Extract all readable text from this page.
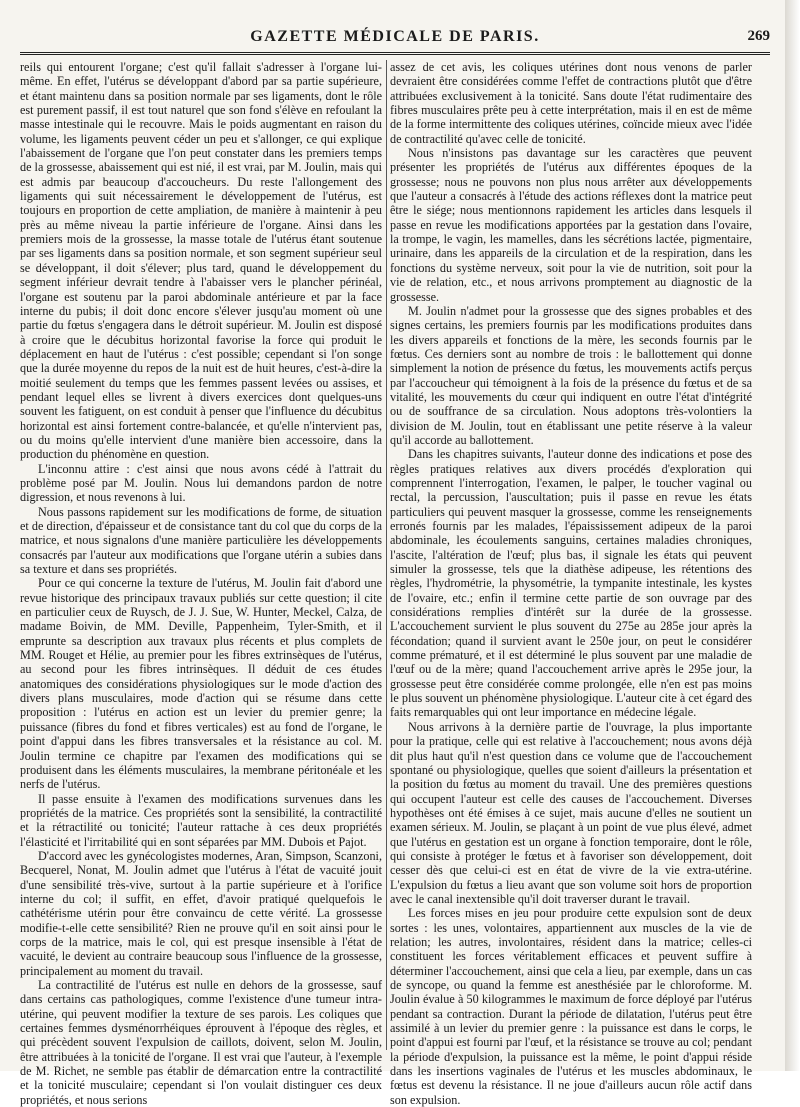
GAZETTE MÉDICALE DE PARIS.	269

reils qui entourent l'organe; c'est qu'il fallait s'adresser à l'organe lui-même. En effet, l'utérus se développant d'abord par sa partie supérieure, et étant maintenu dans sa position normale par ses ligaments, dont le rôle est purement passif, il est tout naturel que son fond s'élève en refoulant la masse intestinale qui le recouvre. Mais le poids augmentant en raison du volume, les ligaments peuvent céder un peu et s'allonger, ce qui explique l'abaissement de l'organe que l'on peut constater dans les premiers temps de la grossesse, abaissement qui est nié, il est vrai, par M. Joulin, mais qui est admis par beaucoup d'accoucheurs. Du reste l'allongement des ligaments qui suit nécessairement le développement de l'utérus, est toujours en proportion de cette ampliation, de manière à maintenir à peu près au même niveau la partie inférieure de l'organe. Ainsi dans les premiers mois de la grossesse, la masse totale de l'utérus étant soutenue par ses ligaments dans sa position normale, et son segment supérieur seul se développant, il doit s'élever; plus tard, quand le développement du segment inférieur devrait tendre à l'abaisser vers le plancher périnéal, l'organe est soutenu par la paroi abdominale antérieure et par la face interne du pubis; il doit donc encore s'élever jusqu'au moment où une partie du fœtus s'engagera dans le détroit supérieur. M. Joulin est disposé à croire que le décubitus horizontal favorise la force qui produit le déplacement en haut de l'utérus : c'est possible; cependant si l'on songe que la durée moyenne du repos de la nuit est de huit heures, c'est-à-dire la moitié seulement du temps que les femmes passent levées ou assises, et pendant lequel elles se livrent à divers exercices dont quelques-uns souvent les fatiguent, on est conduit à penser que l'influence du décubitus horizontal est ainsi fortement contre-balancée, et qu'elle n'intervient pas, ou du moins qu'elle intervient d'une manière bien accessoire, dans la production du phénomène en question.

L'inconnu attire : c'est ainsi que nous avons cédé à l'attrait du problème posé par M. Joulin. Nous lui demandons pardon de notre digression, et nous revenons à lui.

Nous passons rapidement sur les modifications de forme, de situation et de direction, d'épaisseur et de consistance tant du col que du corps de la matrice, et nous signalons d'une manière particulière les développements consacrés par l'auteur aux modifications que l'organe utérin a subies dans sa texture et dans ses propriétés.

Pour ce qui concerne la texture de l'utérus, M. Joulin fait d'abord une revue historique des principaux travaux publiés sur cette question; il cite en particulier ceux de Ruysch, de J. J. Sue, W. Hunter, Meckel, Calza, de madame Boivin, de MM. Deville, Pappenheim, Tyler-Smith, et il emprunte sa description aux travaux plus récents et plus complets de MM. Rouget et Hélie, au premier pour les fibres extrinsèques de l'utérus, au second pour les fibres intrinsèques. Il déduit de ces études anatomiques des considérations physiologiques sur le mode d'action des divers plans musculaires, mode d'action qui se résume dans cette proposition : l'utérus en action est un levier du premier genre; la puissance (fibres du fond et fibres verticales) est au fond de l'organe, le point d'appui dans les fibres transversales et la résistance au col. M. Joulin termine ce chapitre par l'examen des modifications qui se produisent dans les éléments musculaires, la membrane péritonéale et les nerfs de l'utérus.

Il passe ensuite à l'examen des modifications survenues dans les propriétés de la matrice. Ces propriétés sont la sensibilité, la contractilité et la rétractilité ou tonicité; l'auteur rattache à ces deux propriétés l'élasticité et l'irritabilité qui en sont séparées par MM. Dubois et Pajot.

D'accord avec les gynécologistes modernes, Aran, Simpson, Scanzoni, Becquerel, Nonat, M. Joulin admet que l'utérus à l'état de vacuité jouit d'une sensibilité très-vive, surtout à la partie supérieure et à l'orifice interne du col; il suffit, en effet, d'avoir pratiqué quelquefois le cathétérisme utérin pour être convaincu de cette vérité. La grossesse modifie-t-elle cette sensibilité? Rien ne prouve qu'il en soit ainsi pour le corps de la matrice, mais le col, qui est presque insensible à l'état de vacuité, le devient au contraire beaucoup sous l'influence de la grossesse, principalement au moment du travail.

La contractilité de l'utérus est nulle en dehors de la grossesse, sauf dans certains cas pathologiques, comme l'existence d'une tumeur intra-utérine, qui peuvent modifier la texture de ses parois. Les coliques que certaines femmes dysménorrhéiques éprouvent à l'époque des règles, et qui précèdent souvent l'expulsion de caillots, doivent, selon M. Joulin, être attribuées à la tonicité de l'organe. Il est vrai que l'auteur, à l'exemple de M. Richet, ne semble pas établir de démarcation entre la contractilité et la tonicité musculaire; cependant si l'on voulait distinguer ces deux propriétés, et nous serions

assez de cet avis, les coliques utérines dont nous venons de parler devraient être considérées comme l'effet de contractions plutôt que d'être attribuées exclusivement à la tonicité. Sans doute l'état rudimentaire des fibres musculaires prête peu à cette interprétation, mais il en est de même de la forme intermittente des coliques utérines, coïncide mieux avec l'idée de contractilité qu'avec celle de tonicité.

Nous n'insistons pas davantage sur les caractères que peuvent présenter les propriétés de l'utérus aux différentes époques de la grossesse; nous ne pouvons non plus nous arrêter aux développements que l'auteur a consacrés à l'étude des actions réflexes dont la matrice peut être le siége; nous mentionnons rapidement les articles dans lesquels il passe en revue les modifications apportées par la gestation dans l'ovaire, la trompe, le vagin, les mamelles, dans les sécrétions lactée, pigmentaire, urinaire, dans les appareils de la circulation et de la respiration, dans les fonctions du système nerveux, soit pour la vie de nutrition, soit pour la vie de relation, etc., et nous arrivons promptement au diagnostic de la grossesse.

M. Joulin n'admet pour la grossesse que des signes probables et des signes certains, les premiers fournis par les modifications produites dans les divers appareils et fonctions de la mère, les seconds fournis par le fœtus. Ces derniers sont au nombre de trois : le ballottement qui donne simplement la notion de présence du fœtus, les mouvements actifs perçus par l'accoucheur qui témoignent à la fois de la présence du fœtus et de sa vitalité, les mouvements du cœur qui indiquent en outre l'état d'intégrité ou de souffrance de sa circulation. Nous adoptons très-volontiers la division de M. Joulin, tout en établissant une petite réserve à la valeur qu'il accorde au ballottement.

Dans les chapitres suivants, l'auteur donne des indications et pose des règles pratiques relatives aux divers procédés d'exploration qui comprennent l'interrogation, l'examen, le palper, le toucher vaginal ou rectal, la percussion, l'auscultation; puis il passe en revue les états particuliers qui peuvent masquer la grossesse, comme les renseignements erronés fournis par les malades, l'épaississement adipeux de la paroi abdominale, les écoulements sanguins, certaines maladies chroniques, l'ascite, l'altération de l'œuf; plus bas, il signale les états qui peuvent simuler la grossesse, tels que la diathèse adipeuse, les rétentions des règles, l'hydrométrie, la physométrie, la tympanite intestinale, les kystes de l'ovaire, etc.; enfin il termine cette partie de son ouvrage par des considérations remplies d'intérêt sur la durée de la grossesse. L'accouchement survient le plus souvent du 275e au 285e jour après la fécondation; quand il survient avant le 250e jour, on peut le considérer comme prématuré, et il est déterminé le plus souvent par une maladie de l'œuf ou de la mère; quand l'accouchement arrive après le 295e jour, la grossesse peut être considérée comme prolongée, elle n'en est pas moins le plus souvent un phénomène physiologique. L'auteur cite à cet égard des faits remarquables qui ont leur importance en médecine légale.

Nous arrivons à la dernière partie de l'ouvrage, la plus importante pour la pratique, celle qui est relative à l'accouchement; nous avons déjà dit plus haut qu'il n'est question dans ce volume que de l'accouchement spontané ou physiologique, quelles que soient d'ailleurs la présentation et la position du fœtus au moment du travail. Une des premières questions qui occupent l'auteur est celle des causes de l'accouchement. Diverses hypothèses ont été émises à ce sujet, mais aucune d'elles ne soutient un examen sérieux. M. Joulin, se plaçant à un point de vue plus élevé, admet que l'utérus en gestation est un organe à fonction temporaire, dont le rôle, qui consiste à protéger le fœtus et à favoriser son développement, doit cesser dès que celui-ci est en état de vivre de la vie extra-utérine. L'expulsion du fœtus a lieu avant que son volume soit hors de proportion avec le canal inextensible qu'il doit traverser durant le travail.

Les forces mises en jeu pour produire cette expulsion sont de deux sortes : les unes, volontaires, appartiennent aux muscles de la vie de relation; les autres, involontaires, résident dans la matrice; celles-ci constituent les forces véritablement efficaces et peuvent suffire à déterminer l'accouchement, ainsi que cela a lieu, par exemple, dans un cas de syncope, ou quand la femme est anesthésiée par le chloroforme. M. Joulin évalue à 50 kilogrammes le maximum de force déployé par l'utérus pendant sa contraction. Durant la période de dilatation, l'utérus peut être assimilé à un levier du premier genre : la puissance est dans le corps, le point d'appui est fourni par l'œuf, et la résistance se trouve au col; pendant la période d'expulsion, la puissance est la même, le point d'appui réside dans les insertions vaginales de l'utérus et les muscles abdominaux, le fœtus est devenu la résistance. Il ne joue d'ailleurs aucun rôle actif dans son expulsion.
